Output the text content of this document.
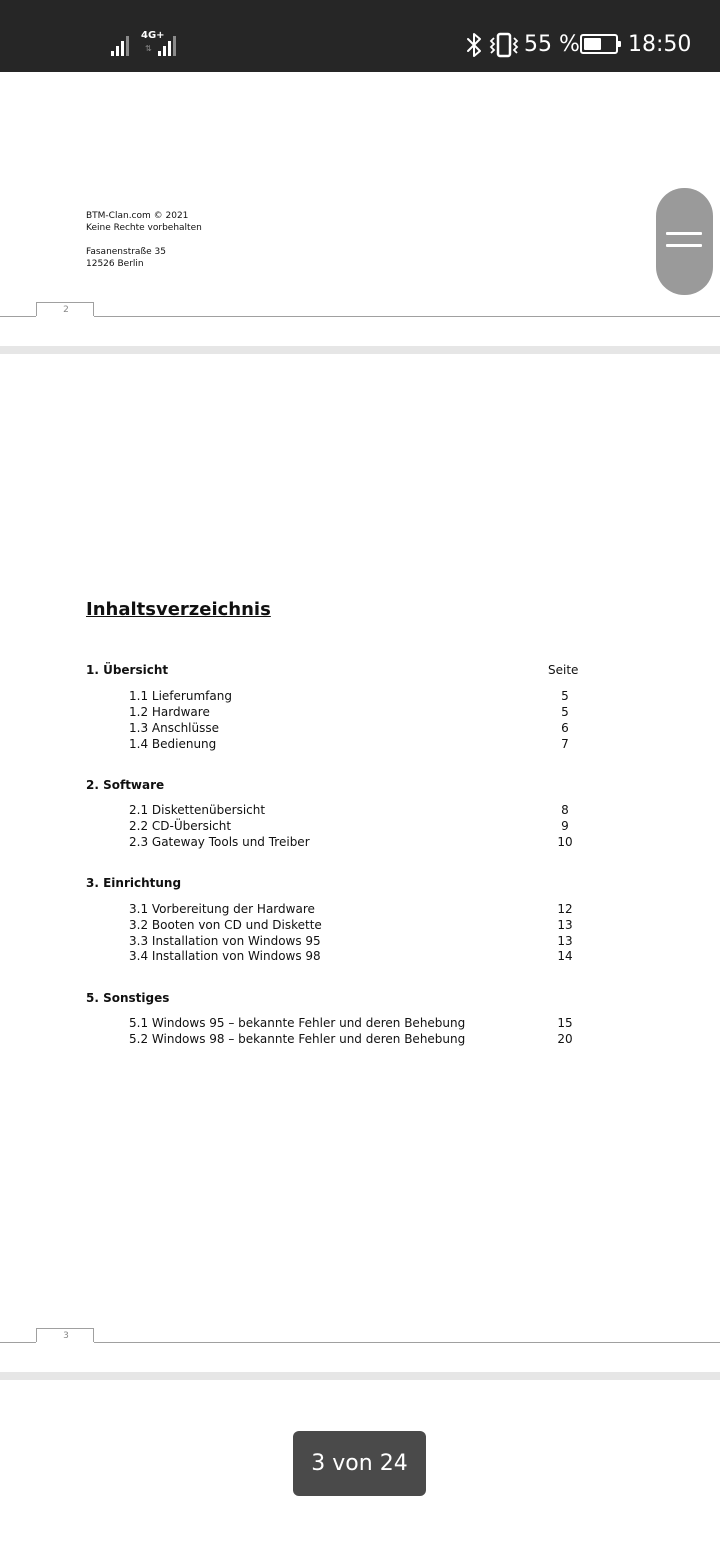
4G+
⇅	55 % 18:50
BTM-Clan.com © 2021
Keine Rechte vorbehalten
Fasanenstraße 35
12526 Berlin
2
Inhaltsverzeichnis
Seite
1. Übersicht
1.1 Lieferumfang	5
1.2 Hardware	5
1.3 Anschlüsse	6
1.4 Bedienung	7
2. Software
2.1 Diskettenübersicht	8
2.2 CD-Übersicht	9
2.3 Gateway Tools und Treiber	10
3. Einrichtung
3.1 Vorbereitung der Hardware	12
3.2 Booten von CD und Diskette	13
3.3 Installation von Windows 95	13
3.4 Installation von Windows 98	14
5. Sonstiges
5.1 Windows 95 – bekannte Fehler und deren Behebung	15
5.2 Windows 98 – bekannte Fehler und deren Behebung	20
3
3 von 24
